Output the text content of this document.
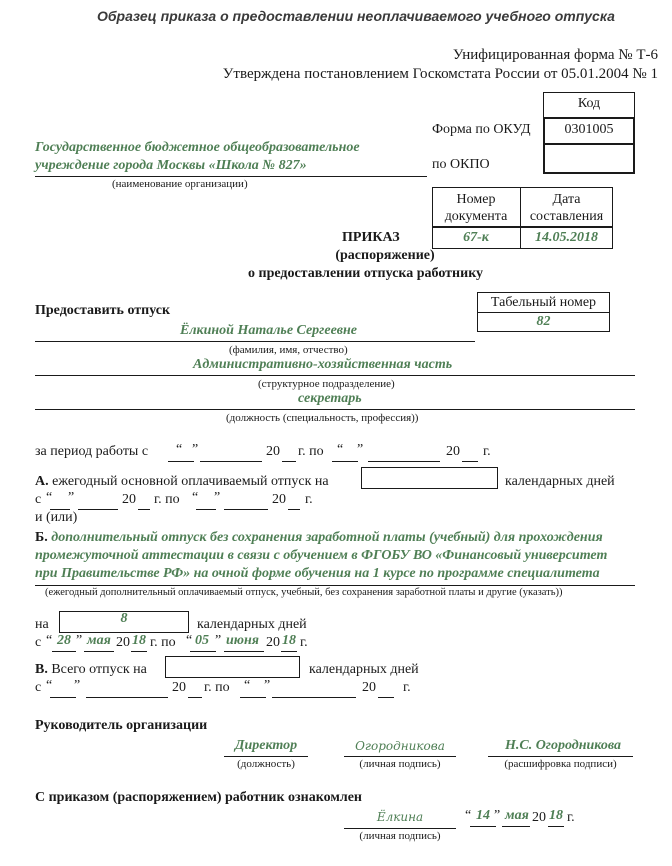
Образец приказа о предоставлении неоплачиваемого учебного отпуска
Унифицированная форма № Т-6
Утверждена постановлением Госкомстата России от 05.01.2004 № 1
Код
0301005
Форма по ОКУД
по ОКПО
Государственное бюджетное общеобразовательное
учреждение города Москвы «Школа № 827»
(наименование организации)
Номер
документа
Дата
составления
67-к	14.05.2018
ПРИКАЗ
(распоряжение)
о предоставлении отпуска работнику
Табельный номер
82
Предоставить отпуск
Ёлкиной Наталье Сергеевне
(фамилия, имя, отчество)
Административно-хозяйственная часть
(структурное подразделение)
секретарь
(должность (специальность, профессия))
за период работы с “ ”	20 г. по “ ”	20 г.
А. ежегодный основной оплачиваемый отпуск на	календарных дней
с “ ”	20 г. по “ ”	20 г.
и (или)
Б. дополнительный отпуск без сохранения заработной платы (учебный) для прохождения
промежуточной аттестации в связи с обучением в ФГОБУ ВО «Финансовый университет
при Правительстве РФ» на очной форме обучения на 1 курсе по программе специалитета
(ежегодный дополнительный оплачиваемый отпуск, учебный, без сохранения заработной платы и другие (указать))
на	8	календарных дней
с “ 28 ” мая 20 18 г. по “ 05 ” июня 20 18 г.
В. Всего отпуск на	календарных дней
с “ ”	20 г. по “ ”	20 г.
Руководитель организации
Директор
(должность)
Огородникова
(личная подпись)
Н.С. Огородникова
(расшифровка подписи)
С приказом (распоряжением) работник ознакомлен
Ёлкина
(личная подпись)
“ 14 ” мая 20 18 г.
